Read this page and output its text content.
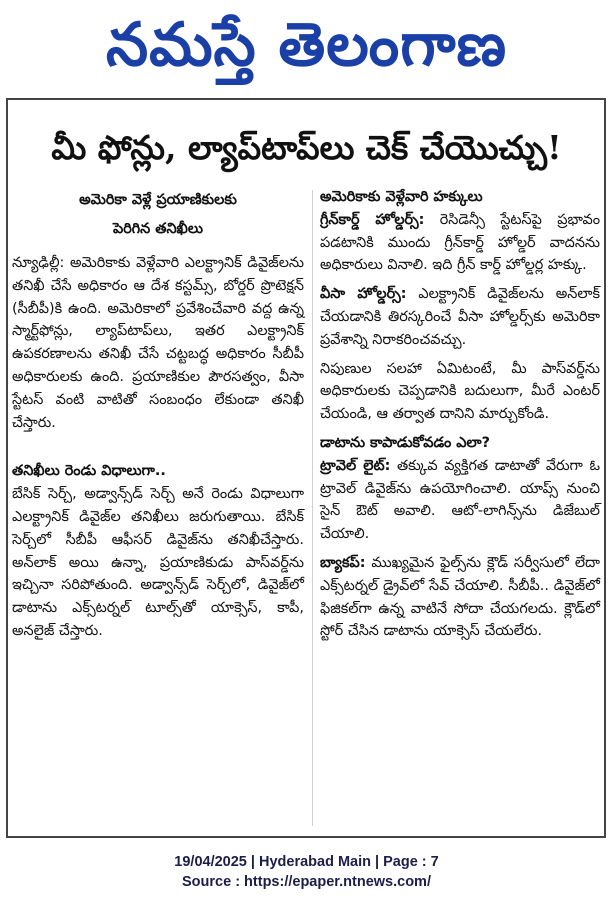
నమస్తే తెలంగాణ
మీ ఫోన్లు, ల్యాప్‌టాప్‌లు చెక్ చేయొచ్చు!
అమెరికా వెళ్లే ప్రయాణికులకు
పెరిగిన తనిఖీలు

న్యూఢిల్లీ: అమెరికాకు వెళ్లేవారి ఎలక్ట్రానిక్ డివైజ్‌లను తనిఖీ చేసే అధికారం ఆ దేశ కస్టమ్స్, బోర్డర్ ప్రొటెక్షన్ (సీబీపీ)కి ఉంది. అమెరికాలో ప్రవేశించేవారి వద్ద ఉన్న స్మార్ట్‌ఫోన్లు, ల్యాప్‌టాప్‌లు, ఇతర ఎలక్ట్రానిక్ ఉపకరణాలను తనిఖీ చేసే చట్టబద్ధ అధికారం సీబీపీ అధికారులకు ఉంది. ప్రయాణికుల పౌరసత్వం, వీసా స్టేటస్ వంటి వాటితో సంబంధం లేకుండా తనిఖీ చేస్తారు.

తనిఖీలు రెండు విధాలుగా..

బేసిక్ సెర్చ్, అడ్వాన్స్‌డ్ సెర్చ్ అనే రెండు విధాలుగా ఎలక్ట్రానిక్ డివైజ్‌ల తనిఖీలు జరుగుతాయి. బేసిక్ సెర్చ్‌లో సీబీపీ ఆఫీసర్ డివైజ్‌ను తనిఖీచేస్తారు. అన్‌లాక్ అయి ఉన్నా, ప్రయాణికుడు పాస్‌వర్డ్‌ను ఇచ్చినా సరిపోతుంది. అడ్వాన్స్‌డ్ సెర్చ్‌లో, డివైజ్‌లో డాటాను ఎక్స్‌టర్నల్ టూల్స్‌తో యాక్సెస్, కాపీ, అనలైజ్ చేస్తారు.

అమెరికాకు వెళ్లేవారి హక్కులు

గ్రీన్‌కార్డ్ హోల్డర్స్: రెసిడెన్సీ స్టేటస్‌పై ప్రభావం పడటానికి ముందు గ్రీన్‌కార్డ్ హోల్డర్ వాదనను అధికారులు వినాలి. ఇది గ్రీన్ కార్డ్ హోల్డర్ల హక్కు.

వీసా హోల్డర్స్: ఎలక్ట్రానిక్ డివైజ్‌లను అన్‌లాక్ చేయడానికి తిరస్కరించే వీసా హోల్డర్స్‌కు అమెరికా ప్రవేశాన్ని నిరాకరించవచ్చు.

నిపుణుల సలహా ఏమిటంటే, మీ పాస్‌వర్డ్‌ను అధికారులకు చెప్పడానికి బదులుగా, మీరే ఎంటర్ చేయండి, ఆ తర్వాత దానిని మార్చుకోండి.

డాటాను కాపాడుకోవడం ఎలా?

ట్రావెల్ లైట్: తక్కువ వ్యక్తిగత డాటాతో వేరుగా ఓ ట్రావెల్ డివైజ్‌ను ఉపయోగించాలి. యాప్స్ నుంచి సైన్ ఔట్ అవాలి. ఆటో-లాగిన్స్‌ను డిజేబుల్ చేయాలి.

బ్యాకప్: ముఖ్యమైన ఫైల్స్‌ను క్లౌడ్ సర్వీసులో లేదా ఎక్స్‌టర్నల్ డ్రైవ్‌లో సేవ్ చేయాలి. సీబీపీ.. డివైజ్‌లో ఫిజికల్‌గా ఉన్న వాటినే సోదా చేయగలదు. క్లౌడ్‌లో స్టోర్ చేసిన డాటాను యాక్సెస్ చేయలేరు.

19/04/2025 | Hyderabad Main | Page : 7
Source : https://epaper.ntnews.com/
